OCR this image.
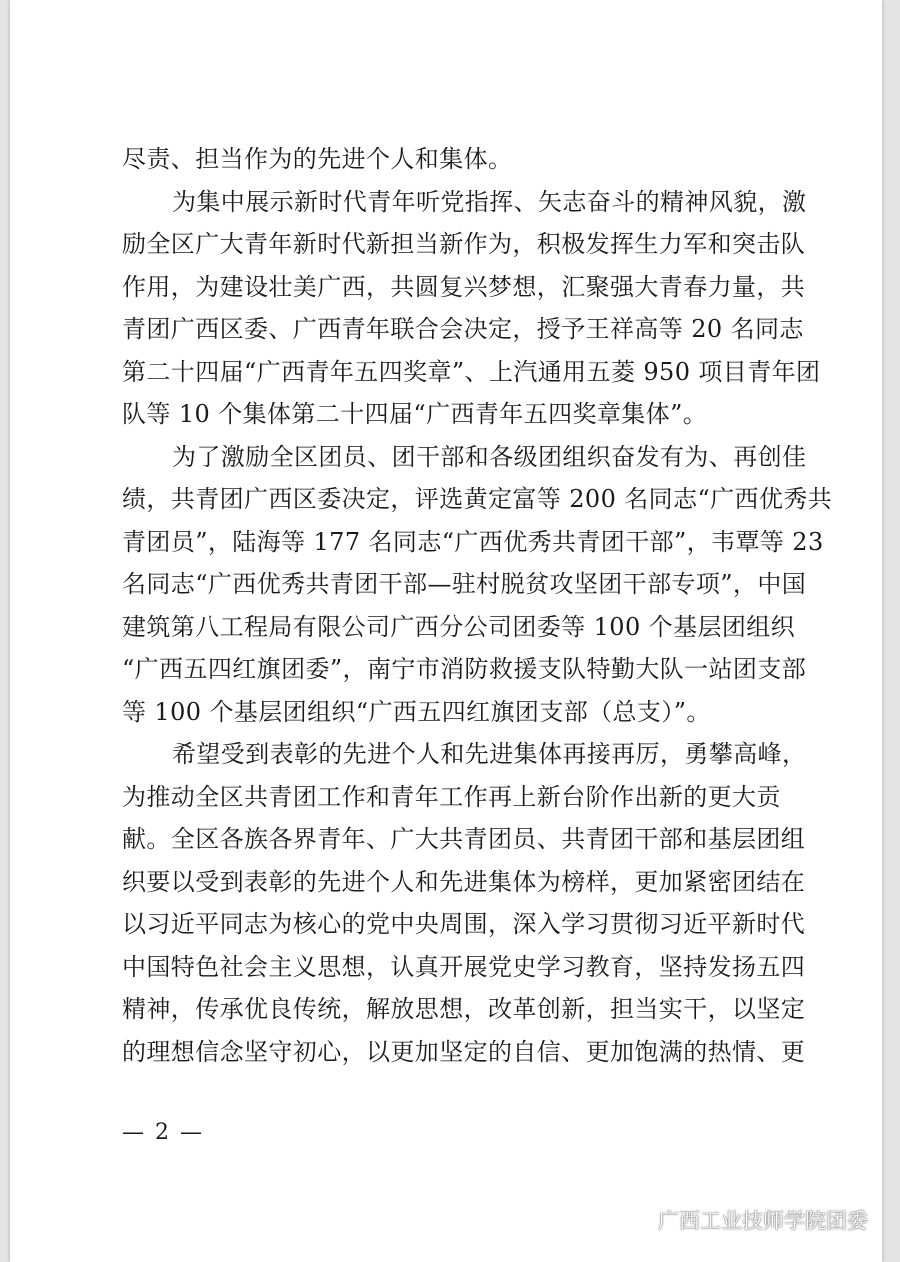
尽责、担当作为的先进个人和集体。
为集中展示新时代青年听党指挥、矢志奋斗的精神风貌，激
励全区广大青年新时代新担当新作为，积极发挥生力军和突击队
作用，为建设壮美广西，共圆复兴梦想，汇聚强大青春力量，共
青团广西区委、广西青年联合会决定，授予王祥高等 20 名同志
第二十四届“广西青年五四奖章”、上汽通用五菱 950 项目青年团
队等 10 个集体第二十四届“广西青年五四奖章集体”。
为了激励全区团员、团干部和各级团组织奋发有为、再创佳
绩，共青团广西区委决定，评选黄定富等 200 名同志“广西优秀共
青团员”，陆海等 177 名同志“广西优秀共青团干部”，韦覃等 23
名同志“广西优秀共青团干部—驻村脱贫攻坚团干部专项”，中国
建筑第八工程局有限公司广西分公司团委等 100 个基层团组织
“广西五四红旗团委”，南宁市消防救援支队特勤大队一站团支部
等 100 个基层团组织“广西五四红旗团支部（总支）”。
希望受到表彰的先进个人和先进集体再接再厉，勇攀高峰，
为推动全区共青团工作和青年工作再上新台阶作出新的更大贡
献。全区各族各界青年、广大共青团员、共青团干部和基层团组
织要以受到表彰的先进个人和先进集体为榜样，更加紧密团结在
以习近平同志为核心的党中央周围，深入学习贯彻习近平新时代
中国特色社会主义思想，认真开展党史学习教育，坚持发扬五四
精神，传承优良传统，解放思想，改革创新，担当实干，以坚定
的理想信念坚守初心，以更加坚定的自信、更加饱满的热情、更
— 2 —
广西工业技师学院团委
